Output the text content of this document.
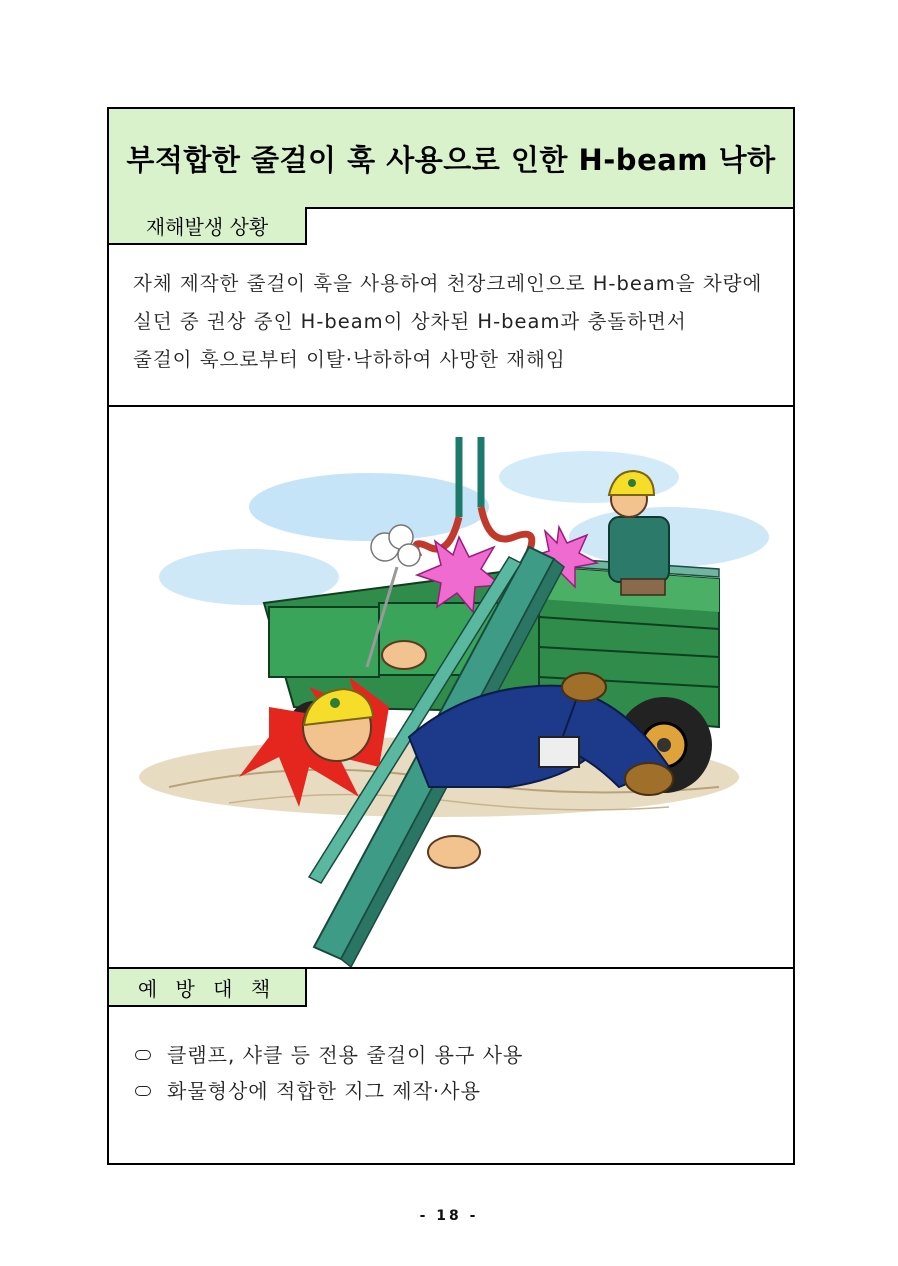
부적합한 줄걸이 훅 사용으로 인한 H-beam 낙하
재해발생 상황
자체 제작한 줄걸이 훅을 사용하여 천장크레인으로 H-beam을 차량에
실던 중 권상 중인 H-beam이 상차된 H-beam과 충돌하면서
줄걸이 훅으로부터 이탈·낙하하여 사망한 재해임
예 방 대 책
클램프, 샤클 등 전용 줄걸이 용구 사용
화물형상에 적합한 지그 제작·사용
- 18 -
